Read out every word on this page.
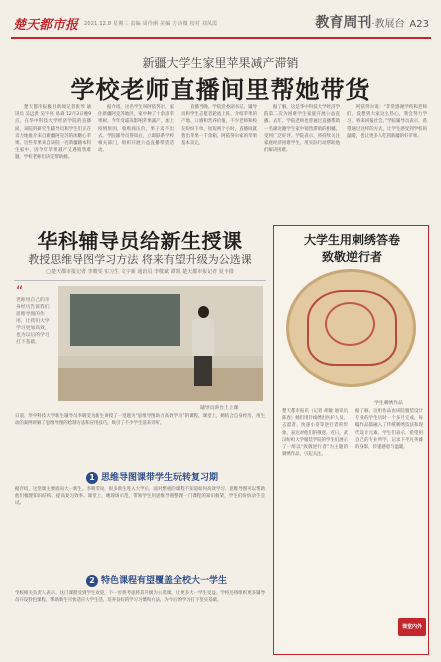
楚天都市报 2021.12.8 星期三 责编 周伶俐 美编 方诗微 校对 刘凤霞	教育周刊·教展台 A23
新疆大学生家里苹果减产滞销
学校老师直播间里帮她带货

楚天都市报极目新闻记者张琴 通讯员 吴远贵 吴宇亮 易森 12月3日晚9点，在华中科技大学经济学院的直播间，该院的研究生辅导员和学生们正在卖力地推介来自新疆阿克苏的冰糖心苹果。这些苹果来自该院一名新疆籍本科生家中，因今年苹果减产又遇销售难题，学校老师们决定帮助她。

据介绍，这名学生叫阿依努尔，家住新疆阿克苏地区，家中种了十余亩苹果树。今年受霜冻影响苹果减产，加上疫情原因，收购商压价，果子卖不出去。学院辅导员得知后，立即联系学校相关部门，组织开展公益直播带货活动。

直播当晚，学院党委副书记、辅导员和学生志愿者轮流上阵，介绍苹果的产地、口感和营养价值，不少老师和校友纷纷下单。短短两个小时，直播间就售出苹果一千余箱，阿依努尔家的苹果基本卖完。

据了解，这是华中科技大学经济学院第二次为困难学生家庭开展公益直播。去年，学院老师也曾通过直播帮助一名湖北籍学生家中销售滞销的柑橘，受到广泛好评。学院表示，将持续关注家庭经济困难学生，用实际行动帮助他们解决困难。

阿依努尔说：“非常感谢学校和老师们，没想到大家这么热心，我会努力学习，将来回报社会。”学院辅导员表示，希望通过这样的方式，让学生感受到学校的温暖，也让更多人吃到新疆的好苹果。

华科辅导员给新生授课
教授思维导图学习方法 将来有望升级为公选课
□楚天都市报记者 李晴雯 实习生 文宇新 通讯员 李敬斌 谭凯 楚天都市报记者 夏卡摄
“
老师用自己的亲身经历告诉我们思维导图的作用，让我们大学学习更加高效，也为以后的学习打下基础。
辅导员讲台上上课

日前，华中科技大学新生辅导员李晴雯为新生讲授了一堂题为“思维导图助力高效学习”的课程。课堂上，她结合自身经历，用生动的案例讲解了思维导图的绘制方法和应用技巧，吸引了不少学生前来旁听。

1 思维导图课带学生玩转复习期

据介绍，这堂课主要面向大一新生。李晴雯说，很多新生进入大学后，面对繁重的课程不知道如何高效学习，思维导图可以帮助他们梳理知识结构，提高复习效率。课堂上，她现场示范，带领学生用思维导图整理一门课程的知识框架，学生们纷纷动手尝试。

2 特色课程有望覆盖全校大一学生

学校相关负责人表示，这门课程受到学生欢迎，下一步将考虑将其升级为公选课，让更多大一学生受益。学校还将组织更多辅导员开设特色课程，帮助新生尽快适应大学生活，培养良好的学习习惯和方法，为今后的学习打下坚实基础。

大学生用刺绣答卷
致敬逆行者
学生刺绣作品

楚天都市报讯（记者 胡敏 通讯员 陈春）她们用针线绣出医护人员、志愿者、快递小哥等逆行者的形象，表达对他们的敬意。近日，武汉纺织大学服装学院的学生们展示了一组以“致敬逆行者”为主题的刺绣作品，引起关注。

据了解，这组作品由该院服装设计专业的学生历时一个多月完成，每幅作品都融入了传统刺绣技法和现代设计元素。学生们表示，希望用自己的专业所学，记录下平凡英雄的身影，传递感恩与温暖。

课堂内外
